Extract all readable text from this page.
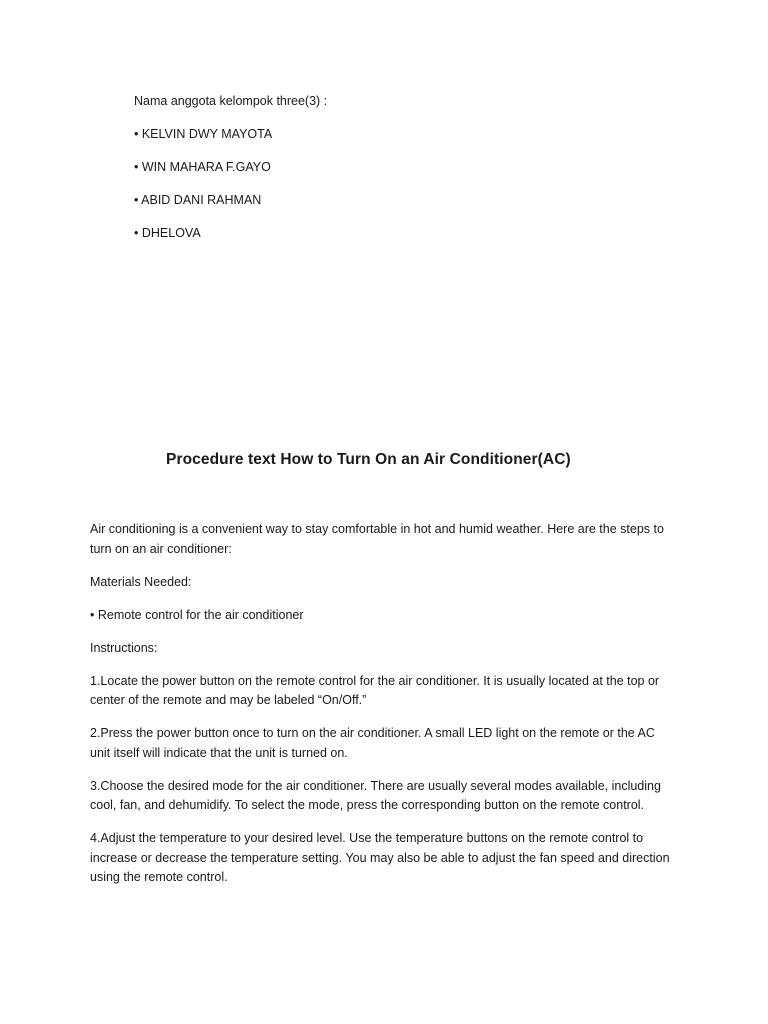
Nama anggota kelompok three(3) :
• KELVIN DWY MAYOTA
• WIN MAHARA F.GAYO
• ABID DANI RAHMAN
• DHELOVA
Procedure text How to Turn On an Air Conditioner(AC)

Air conditioning is a convenient way to stay comfortable in hot and humid weather. Here are the steps to turn on an air conditioner:

Materials Needed:

• Remote control for the air conditioner

Instructions:

1.Locate the power button on the remote control for the air conditioner. It is usually located at the top or center of the remote and may be labeled “On/Off.”

2.Press the power button once to turn on the air conditioner. A small LED light on the remote or the AC unit itself will indicate that the unit is turned on.

3.Choose the desired mode for the air conditioner. There are usually several modes available, including cool, fan, and dehumidify. To select the mode, press the corresponding button on the remote control.

4.Adjust the temperature to your desired level. Use the temperature buttons on the remote control to increase or decrease the temperature setting. You may also be able to adjust the fan speed and direction using the remote control.
